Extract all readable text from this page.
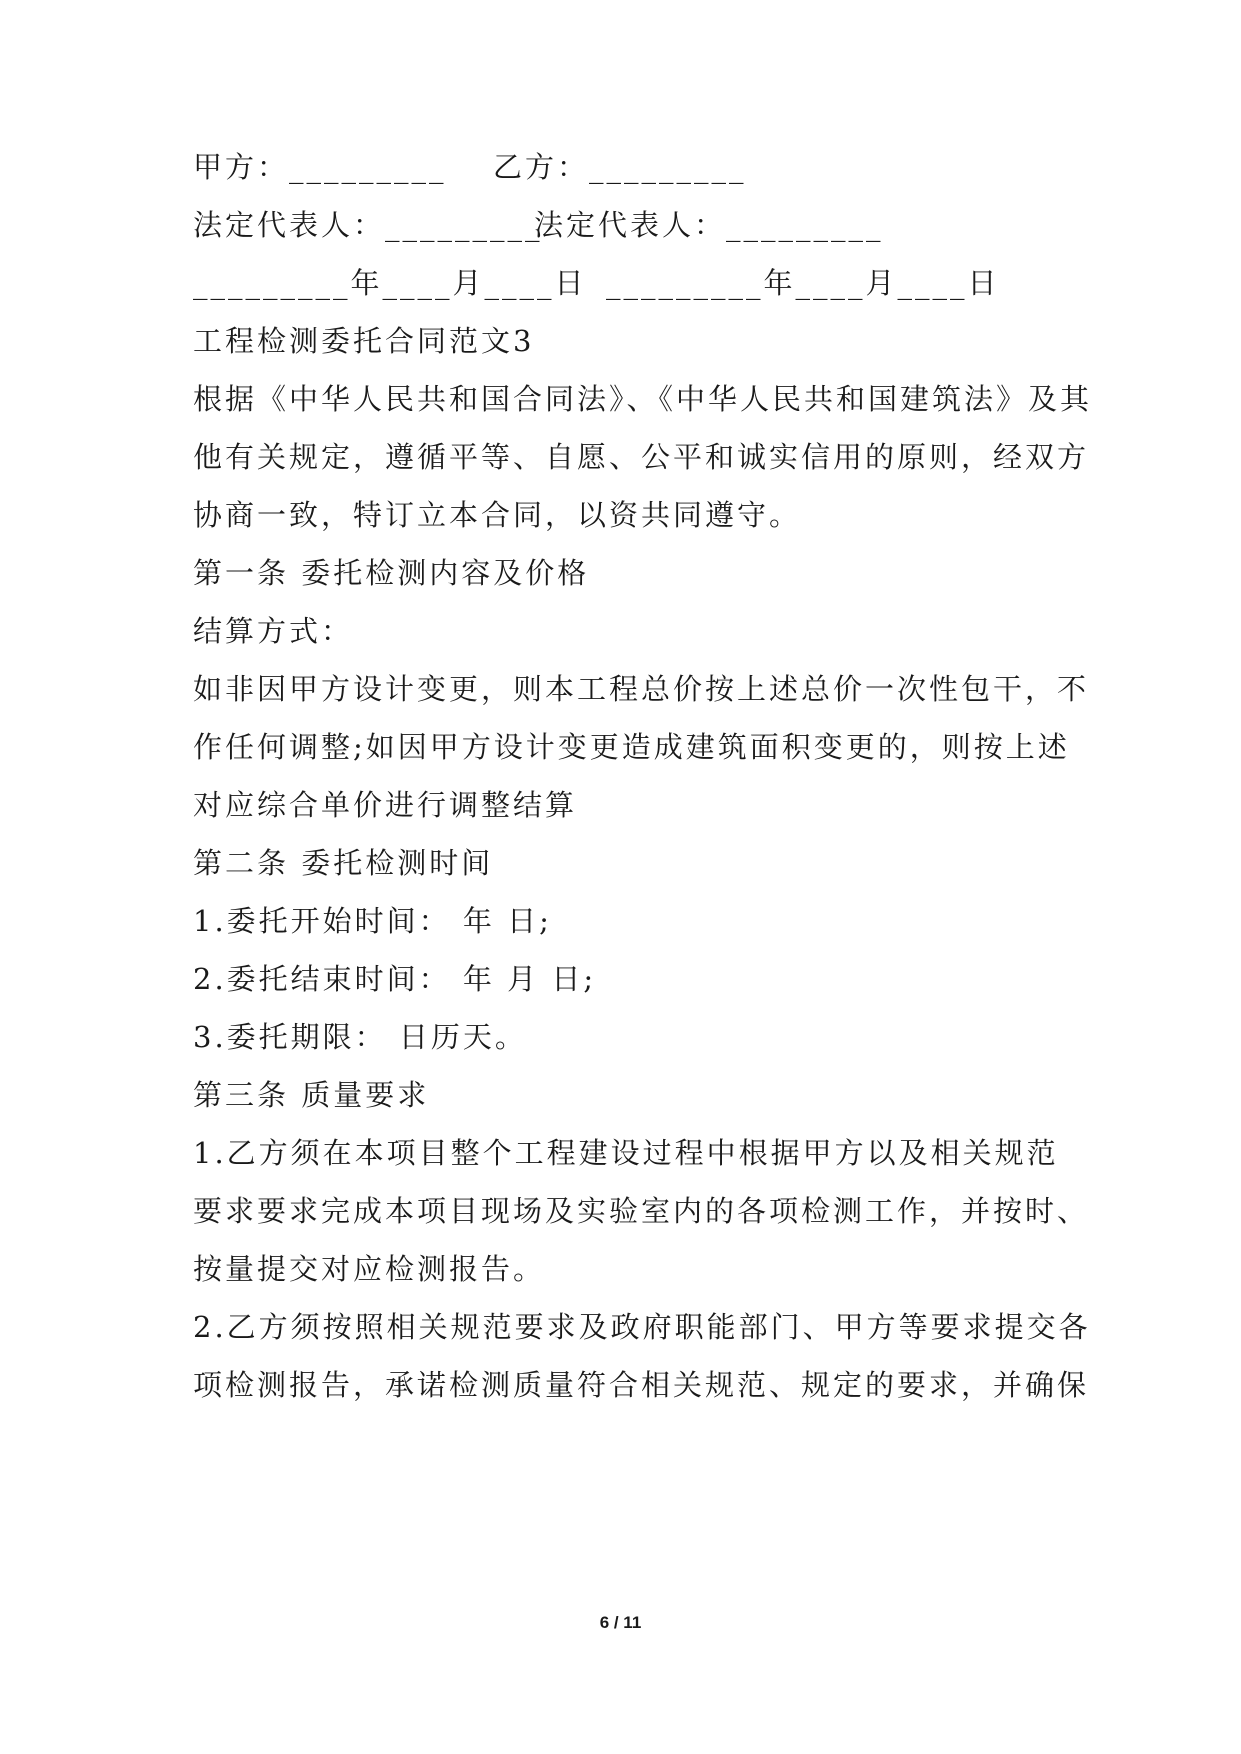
甲方：_________ 乙方：_________
法定代表人：_________
法定代表人：_________
_________年____月____日 _________年____月____日
工程检测委托合同范文3
根据《中华人民共和国合同法》、《中华人民共和国建筑法》及其
他有关规定，遵循平等、自愿、公平和诚实信用的原则，经双方
协商一致，特订立本合同，以资共同遵守。
第一条 委托检测内容及价格
结算方式：
如非因甲方设计变更，则本工程总价按上述总价一次性包干，不
作任何调整;如因甲方设计变更造成建筑面积变更的，则按上述
对应综合单价进行调整结算
第二条 委托检测时间
1.委托开始时间： 年 日;
2.委托结束时间： 年 月 日;
3.委托期限： 日历天。
第三条 质量要求
1.乙方须在本项目整个工程建设过程中根据甲方以及相关规范
要求要求完成本项目现场及实验室内的各项检测工作，并按时、
按量提交对应检测报告。
2.乙方须按照相关规范要求及政府职能部门、甲方等要求提交各
项检测报告，承诺检测质量符合相关规范、规定的要求，并确保
6 / 11
